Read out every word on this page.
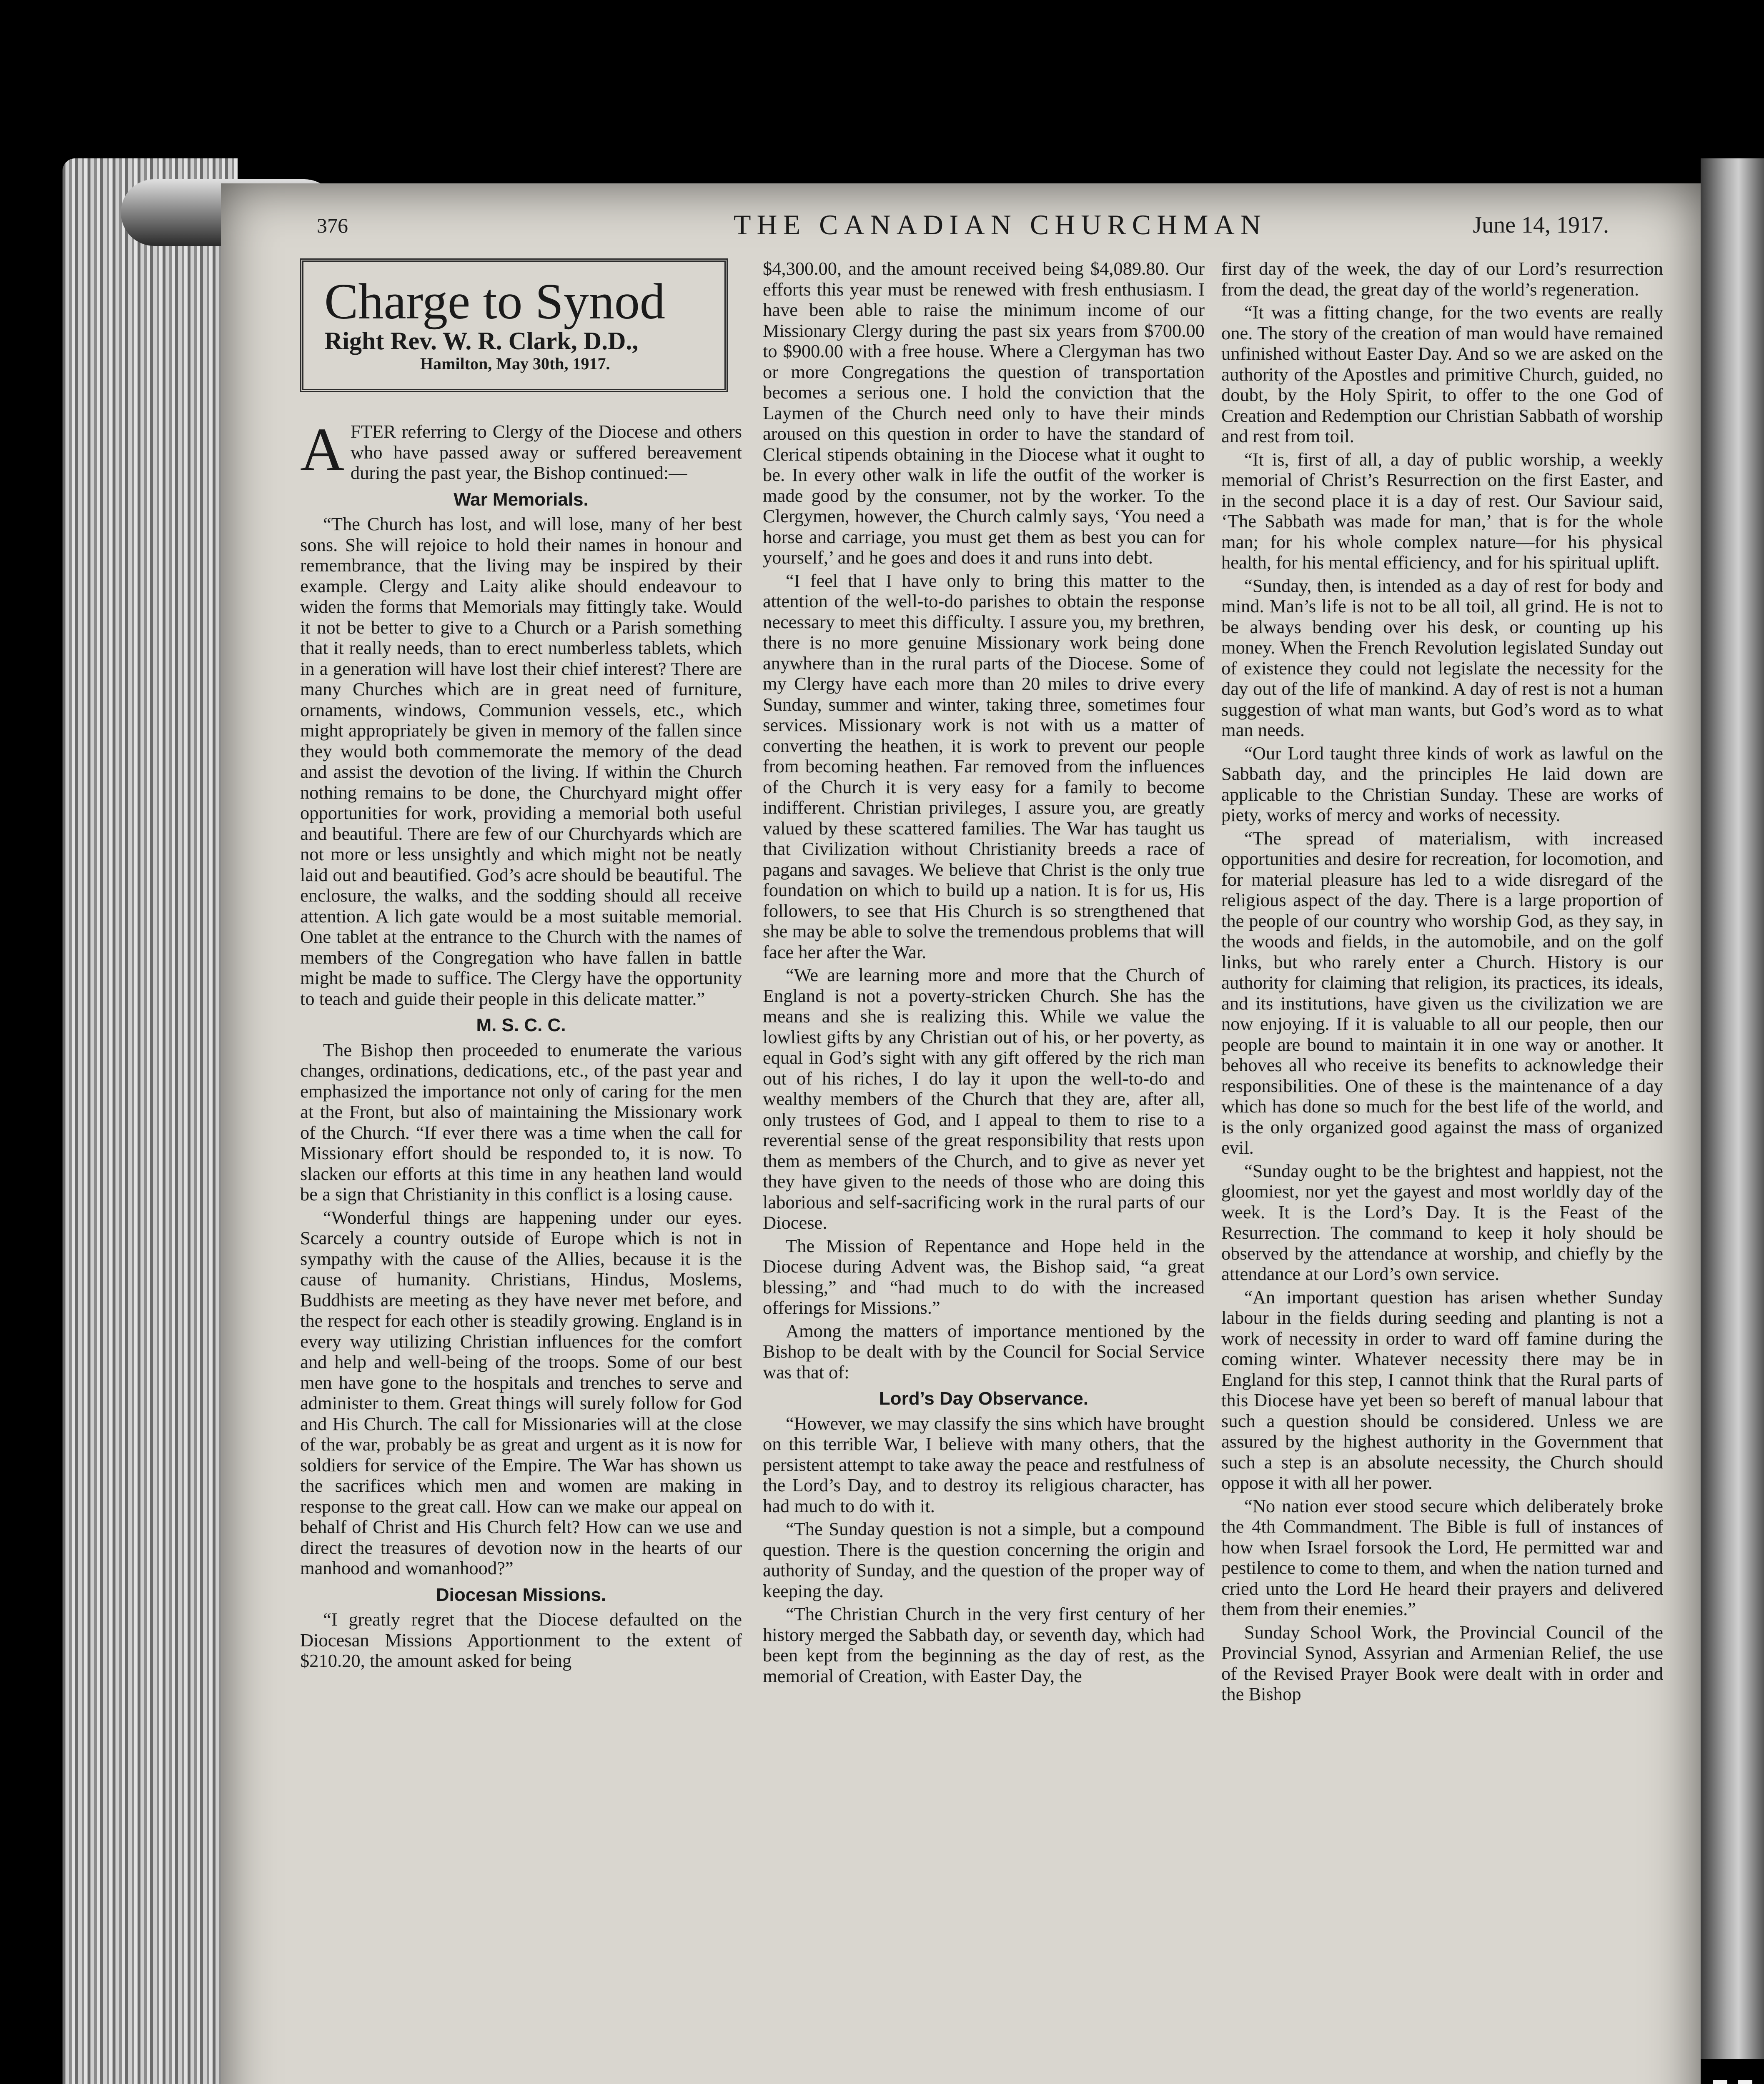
376	THE CANADIAN CHURCHMAN	June 14, 1917.
Charge to Synod
Right Rev. W. R. Clark, D.D.,
Hamilton, May 30th, 1917.

AFTER referring to Clergy of the Diocese and others who have passed away or suffered bereavement during the past year, the Bishop continued:—

War Memorials.

“The Church has lost, and will lose, many of her best sons. She will rejoice to hold their names in honour and remembrance, that the living may be inspired by their example. Clergy and Laity alike should endeavour to widen the forms that Memorials may fittingly take. Would it not be better to give to a Church or a Parish something that it really needs, than to erect numberless tablets, which in a generation will have lost their chief interest? There are many Churches which are in great need of furniture, ornaments, windows, Communion vessels, etc., which might appropriately be given in memory of the fallen since they would both commemorate the memory of the dead and assist the devotion of the living. If within the Church nothing remains to be done, the Churchyard might offer opportunities for work, providing a memorial both useful and beautiful. There are few of our Churchyards which are not more or less unsightly and which might not be neatly laid out and beautified. God’s acre should be beautiful. The enclosure, the walks, and the sodding should all receive attention. A lich gate would be a most suitable memorial. One tablet at the entrance to the Church with the names of members of the Congregation who have fallen in battle might be made to suffice. The Clergy have the opportunity to teach and guide their people in this delicate matter.”

M. S. C. C.

The Bishop then proceeded to enumerate the various changes, ordinations, dedications, etc., of the past year and emphasized the importance not only of caring for the men at the Front, but also of maintaining the Missionary work of the Church. “If ever there was a time when the call for Missionary effort should be responded to, it is now. To slacken our efforts at this time in any heathen land would be a sign that Christianity in this conflict is a losing cause.

“Wonderful things are happening under our eyes. Scarcely a country outside of Europe which is not in sympathy with the cause of the Allies, because it is the cause of humanity. Christians, Hindus, Moslems, Buddhists are meeting as they have never met before, and the respect for each other is steadily growing. England is in every way utilizing Christian influences for the comfort and help and well-being of the troops. Some of our best men have gone to the hospitals and trenches to serve and administer to them. Great things will surely follow for God and His Church. The call for Missionaries will at the close of the war, probably be as great and urgent as it is now for soldiers for service of the Empire. The War has shown us the sacrifices which men and women are making in response to the great call. How can we make our appeal on behalf of Christ and His Church felt? How can we use and direct the treasures of devotion now in the hearts of our manhood and womanhood?”

Diocesan Missions.

“I greatly regret that the Diocese defaulted on the Diocesan Missions Apportionment to the extent of $210.20, the amount asked for being

$4,300.00, and the amount received being $4,089.80. Our efforts this year must be renewed with fresh enthusiasm. I have been able to raise the minimum income of our Missionary Clergy during the past six years from $700.00 to $900.00 with a free house. Where a Clergyman has two or more Congregations the question of transportation becomes a serious one. I hold the conviction that the Laymen of the Church need only to have their minds aroused on this question in order to have the standard of Clerical stipends obtaining in the Diocese what it ought to be. In every other walk in life the outfit of the worker is made good by the consumer, not by the worker. To the Clergymen, however, the Church calmly says, ‘You need a horse and carriage, you must get them as best you can for yourself,’ and he goes and does it and runs into debt.

“I feel that I have only to bring this matter to the attention of the well-to-do parishes to obtain the response necessary to meet this difficulty. I assure you, my brethren, there is no more genuine Missionary work being done anywhere than in the rural parts of the Diocese. Some of my Clergy have each more than 20 miles to drive every Sunday, summer and winter, taking three, sometimes four services. Missionary work is not with us a matter of converting the heathen, it is work to prevent our people from becoming heathen. Far removed from the influences of the Church it is very easy for a family to become indifferent. Christian privileges, I assure you, are greatly valued by these scattered families. The War has taught us that Civilization without Christianity breeds a race of pagans and savages. We believe that Christ is the only true foundation on which to build up a nation. It is for us, His followers, to see that His Church is so strengthened that she may be able to solve the tremendous problems that will face her after the War.

“We are learning more and more that the Church of England is not a poverty-stricken Church. She has the means and she is realizing this. While we value the lowliest gifts by any Christian out of his, or her poverty, as equal in God’s sight with any gift offered by the rich man out of his riches, I do lay it upon the well-to-do and wealthy members of the Church that they are, after all, only trustees of God, and I appeal to them to rise to a reverential sense of the great responsibility that rests upon them as members of the Church, and to give as never yet they have given to the needs of those who are doing this laborious and self-sacrificing work in the rural parts of our Diocese.

The Mission of Repentance and Hope held in the Diocese during Advent was, the Bishop said, “a great blessing,” and “had much to do with the increased offerings for Missions.”

Among the matters of importance mentioned by the Bishop to be dealt with by the Council for Social Service was that of:

Lord’s Day Observance.

“However, we may classify the sins which have brought on this terrible War, I believe with many others, that the persistent attempt to take away the peace and restfulness of the Lord’s Day, and to destroy its religious character, has had much to do with it.

“The Sunday question is not a simple, but a compound question. There is the question concerning the origin and authority of Sunday, and the question of the proper way of keeping the day.

“The Christian Church in the very first century of her history merged the Sabbath day, or seventh day, which had been kept from the beginning as the day of rest, as the memorial of Creation, with Easter Day, the

first day of the week, the day of our Lord’s resurrection from the dead, the great day of the world’s regeneration.

“It was a fitting change, for the two events are really one. The story of the creation of man would have remained unfinished without Easter Day. And so we are asked on the authority of the Apostles and primitive Church, guided, no doubt, by the Holy Spirit, to offer to the one God of Creation and Redemption our Christian Sabbath of worship and rest from toil.

“It is, first of all, a day of public worship, a weekly memorial of Christ’s Resurrection on the first Easter, and in the second place it is a day of rest. Our Saviour said, ‘The Sabbath was made for man,’ that is for the whole man; for his whole complex nature—for his physical health, for his mental efficiency, and for his spiritual uplift.

“Sunday, then, is intended as a day of rest for body and mind. Man’s life is not to be all toil, all grind. He is not to be always bending over his desk, or counting up his money. When the French Revolution legislated Sunday out of existence they could not legislate the necessity for the day out of the life of mankind. A day of rest is not a human suggestion of what man wants, but God’s word as to what man needs.

“Our Lord taught three kinds of work as lawful on the Sabbath day, and the principles He laid down are applicable to the Christian Sunday. These are works of piety, works of mercy and works of necessity.

“The spread of materialism, with increased opportunities and desire for recreation, for locomotion, and for material pleasure has led to a wide disregard of the religious aspect of the day. There is a large proportion of the people of our country who worship God, as they say, in the woods and fields, in the automobile, and on the golf links, but who rarely enter a Church. History is our authority for claiming that religion, its practices, its ideals, and its institutions, have given us the civilization we are now enjoying. If it is valuable to all our people, then our people are bound to maintain it in one way or another. It behoves all who receive its benefits to acknowledge their responsibilities. One of these is the maintenance of a day which has done so much for the best life of the world, and is the only organized good against the mass of organized evil.

“Sunday ought to be the brightest and happiest, not the gloomiest, nor yet the gayest and most worldly day of the week. It is the Lord’s Day. It is the Feast of the Resurrection. The command to keep it holy should be observed by the attendance at worship, and chiefly by the attendance at our Lord’s own service.

“An important question has arisen whether Sunday labour in the fields during seeding and planting is not a work of necessity in order to ward off famine during the coming winter. Whatever necessity there may be in England for this step, I cannot think that the Rural parts of this Diocese have yet been so bereft of manual labour that such a question should be considered. Unless we are assured by the highest authority in the Government that such a step is an absolute necessity, the Church should oppose it with all her power.

“No nation ever stood secure which deliberately broke the 4th Commandment. The Bible is full of instances of how when Israel forsook the Lord, He permitted war and pestilence to come to them, and when the nation turned and cried unto the Lord He heard their prayers and delivered them from their enemies.”

Sunday School Work, the Provincial Council of the Provincial Synod, Assyrian and Armenian Relief, the use of the Revised Prayer Book were dealt with in order and the Bishop
